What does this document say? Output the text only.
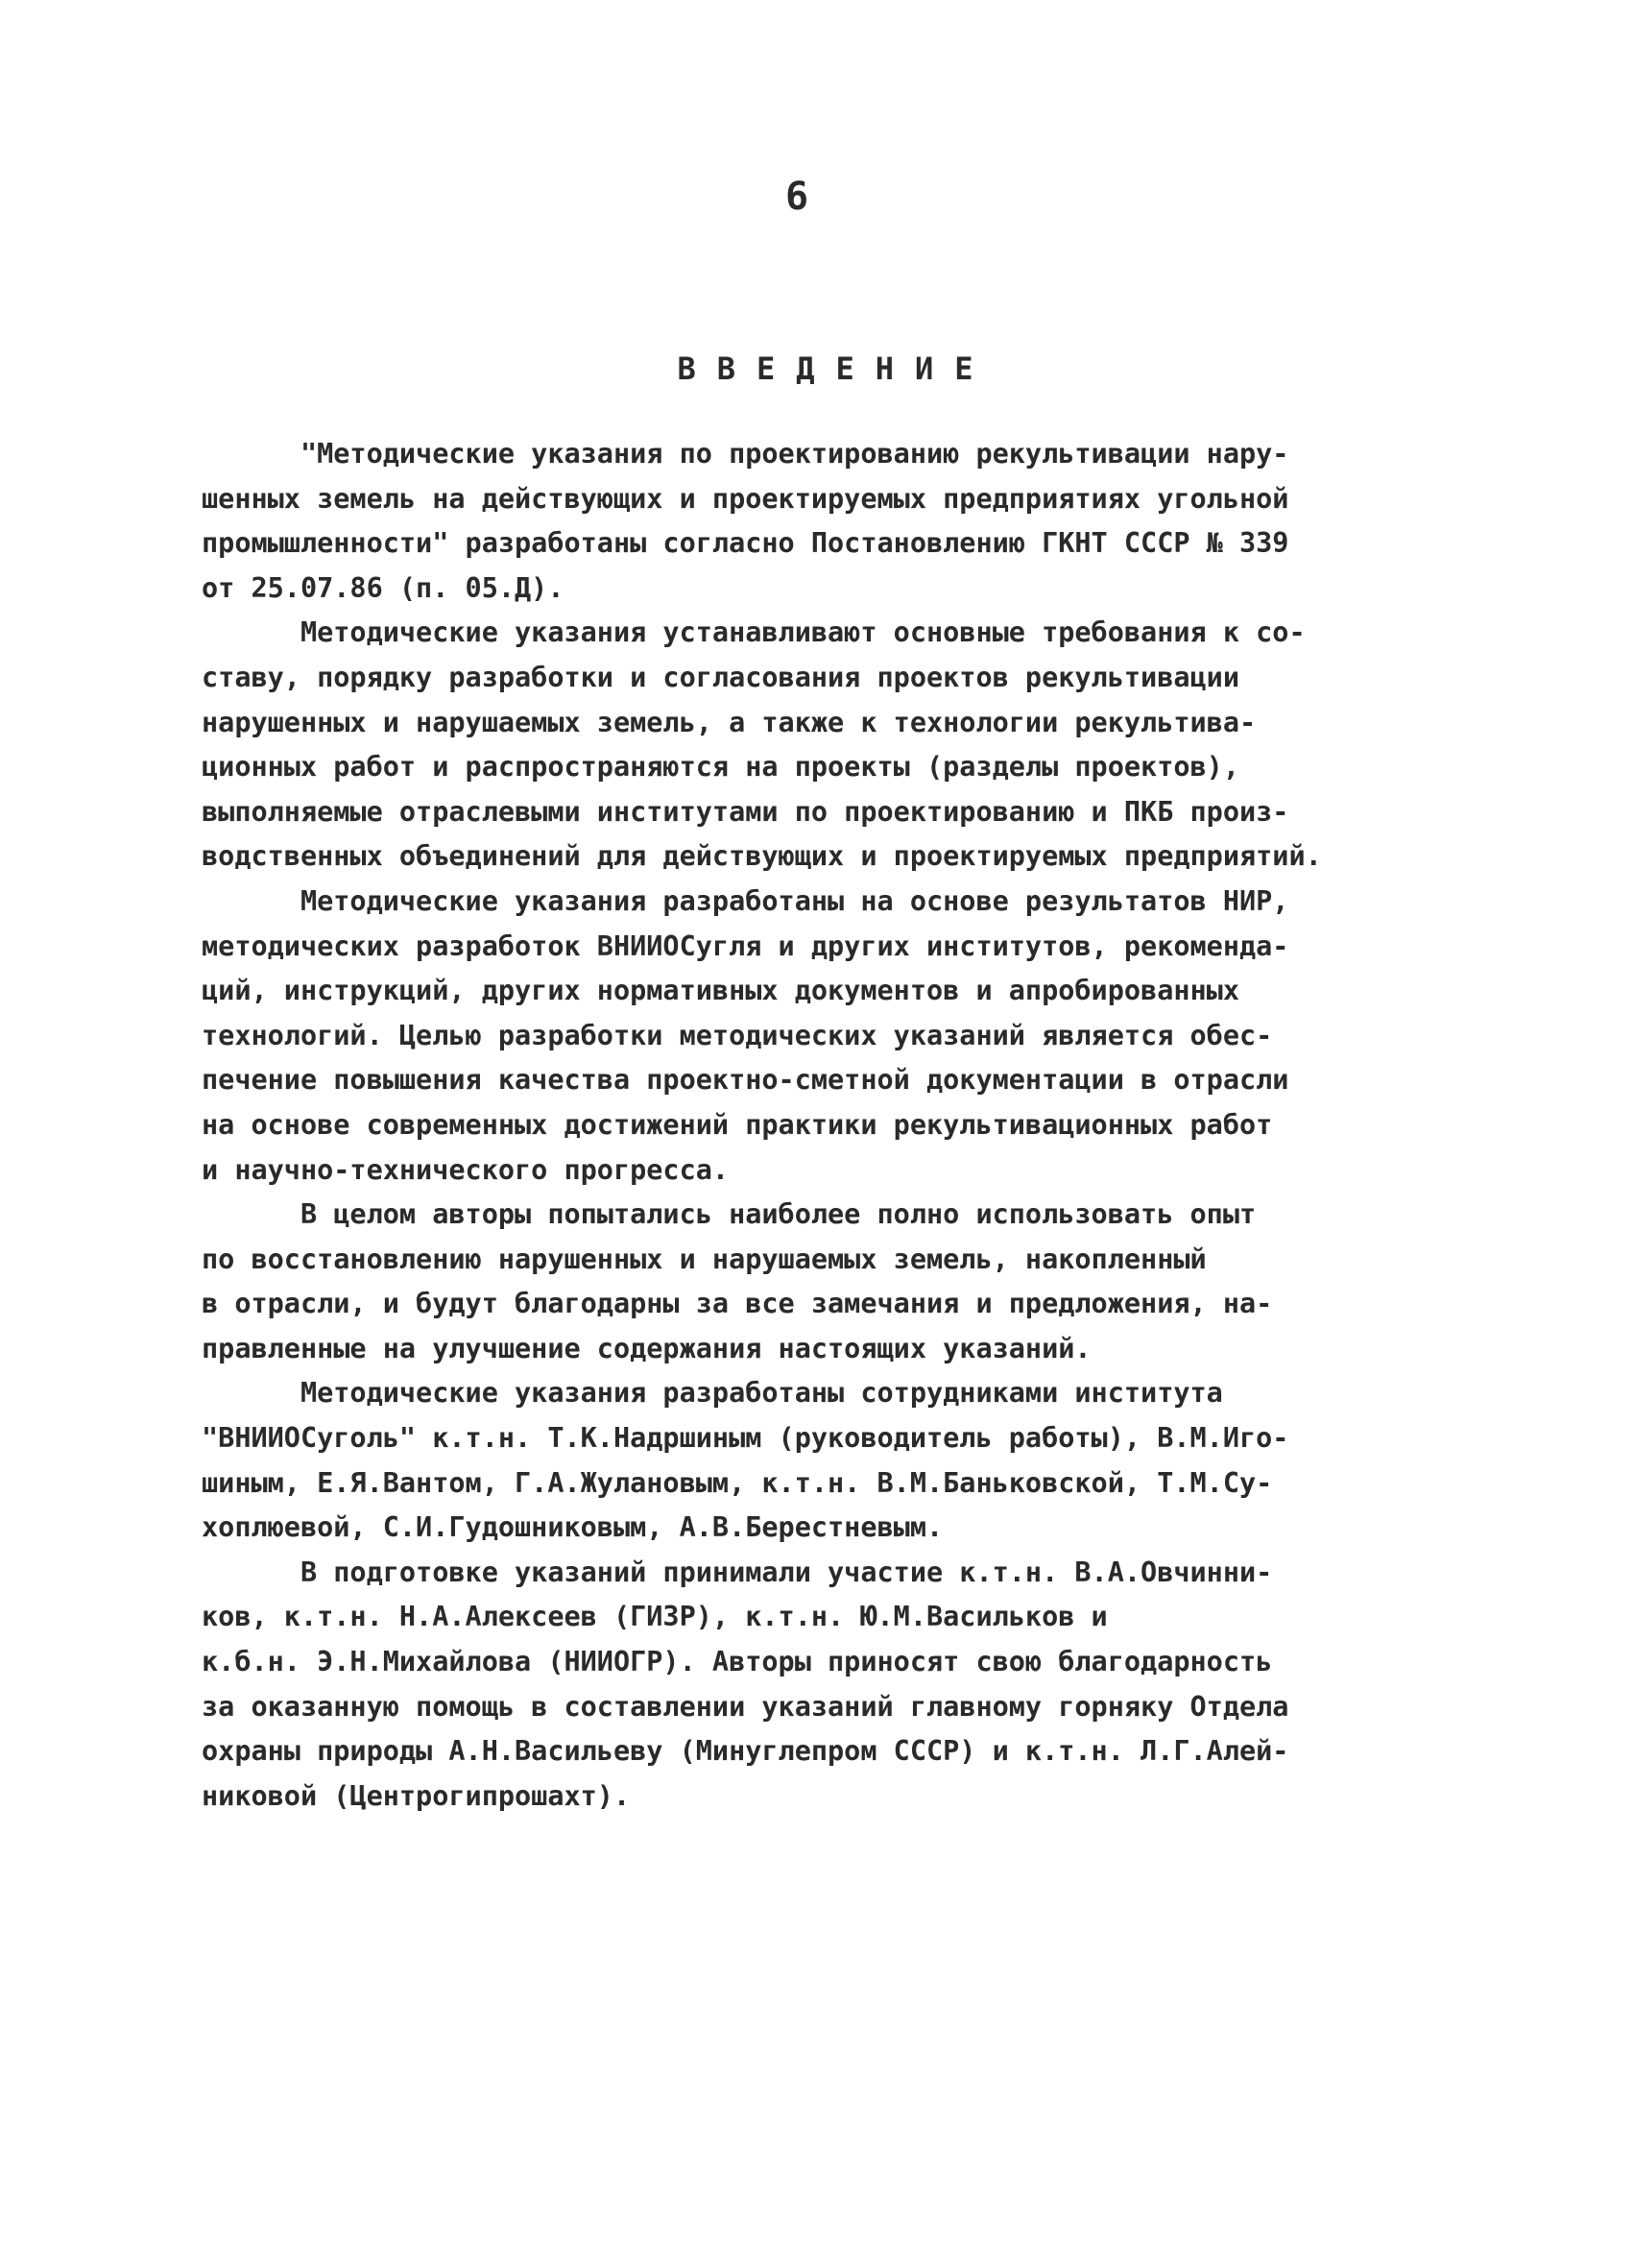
6
ВВЕДЕНИЕ
"Методические указания по проектированию рекультивации нару-
шенных земель на действующих и проектируемых предприятиях угольной
промышленности" разработаны согласно Постановлению ГКНТ СССР № 339
от 25.07.86 (п. 05.Д).
Методические указания устанавливают основные требования к со-
ставу, порядку разработки и согласования проектов рекультивации
нарушенных и нарушаемых земель, а также к технологии рекультива-
ционных работ и распространяются на проекты (разделы проектов),
выполняемые отраслевыми институтами по проектированию и ПКБ произ-
водственных объединений для действующих и проектируемых предприятий.
Методические указания разработаны на основе результатов НИР,
методических разработок ВНИИОСугля и других институтов, рекоменда-
ций, инструкций, других нормативных документов и апробированных
технологий. Целью разработки методических указаний является обес-
печение повышения качества проектно-сметной документации в отрасли
на основе современных достижений практики рекультивационных работ
и научно-технического прогресса.
В целом авторы попытались наиболее полно использовать опыт
по восстановлению нарушенных и нарушаемых земель, накопленный
в отрасли, и будут благодарны за все замечания и предложения, на-
правленные на улучшение содержания настоящих указаний.
Методические указания разработаны сотрудниками института
"ВНИИОСуголь" к.т.н. Т.К.Надршиным (руководитель работы), В.М.Иго-
шиным, Е.Я.Вантом, Г.А.Жулановым, к.т.н. В.М.Баньковской, Т.М.Су-
хоплюевой, С.И.Гудошниковым, А.В.Берестневым.
В подготовке указаний принимали участие к.т.н. В.А.Овчинни-
ков, к.т.н. Н.А.Алексеев (ГИЗР), к.т.н. Ю.М.Васильков и
к.б.н. Э.Н.Михайлова (НИИОГР). Авторы приносят свою благодарность
за оказанную помощь в составлении указаний главному горняку Отдела
охраны природы А.Н.Васильеву (Минуглепром СССР) и к.т.н. Л.Г.Алей-
никовой (Центрогипрошахт).
